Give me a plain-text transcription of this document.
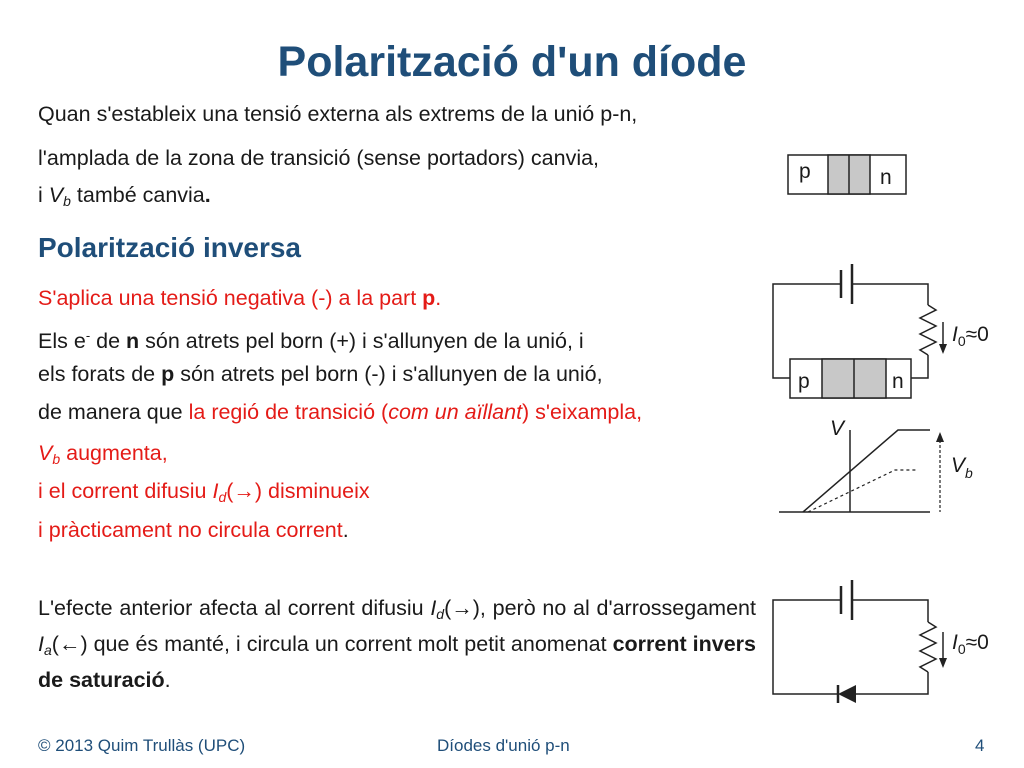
Polarització d'un díode
Quan s'estableix una tensió externa als extrems de la unió p-n,
l'amplada de la zona de transició (sense portadors) canvia,
i $V_b$ també canvia.
Polarització inversa
S'aplica una tensió negativa (-) a la part p.
Els e- de n són atrets pel born (+) i s'allunyen de la unió, i
els forats de p són atrets pel born (-) i s'allunyen de la unió,
de manera que la regió de transició (com un aïllant) s'eixampla,
$V_b$ augmenta,
i el corrent difusiu $I_d(\to)$ disminueix
i pràcticament no circula corrent.
L'efecte anterior afecta al corrent difusiu $I_d(\to)$, però no al d'arrossegament $I_a(\leftarrow)$ que és manté, i circula un corrent molt petit anomenat corrent invers de saturació.
p	n
I0≈0
p	n
V
Vb
I0≈0
© 2013 Quim Trullàs (UPC)	Díodes d'unió p-n	4
